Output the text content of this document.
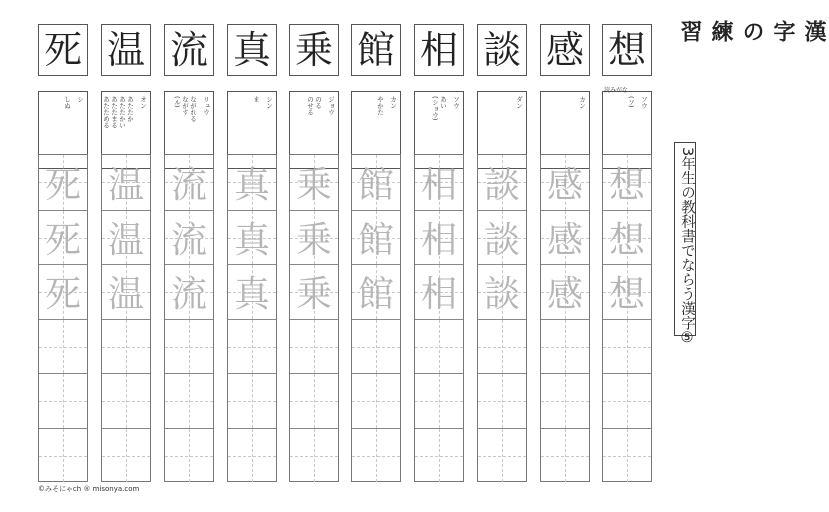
想
読みがな
ソウ
(ソ)
想
想
想
感
カン
感
感
感
談
ダン
談
談
談
相
ソウ
あい
(ショウ)
相
相
相
館
カン
やかた
館
館
館
乗
ジョウ
のる
のせる
乗
乗
乗
真
シン
ま
真
真
真
流
リュウ
ながれる
ながす
(ル)
流
流
流
温
オン
あたたか
あたたかい
あたたまる
あたためる
温
温
温
死
シ
しぬ
死
死
死
漢字の練習
3年生の教科書でならう漢字⑤
©みそにゃch ® misonya.com
